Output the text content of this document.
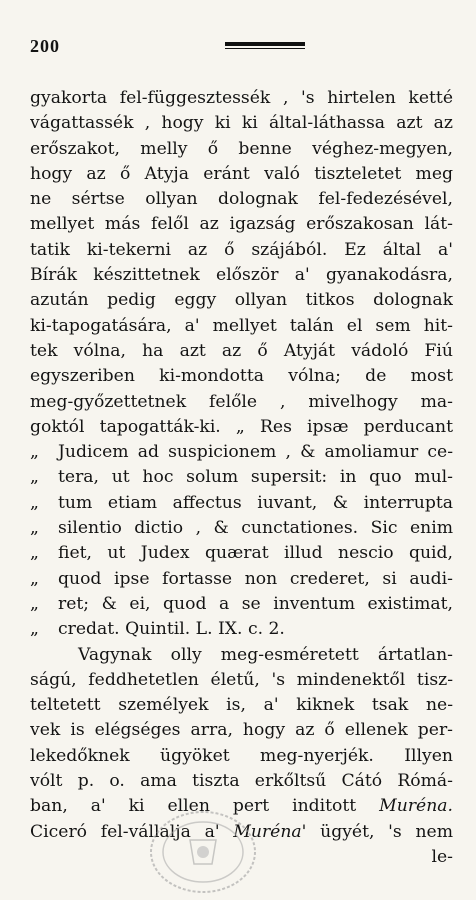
200
gyakorta fel-függesztessék , 's hirtelen ketté
vágattassék , hogy ki ki által-láthassa azt az
erőszakot, melly ő benne véghez-megyen,
hogy az ő Atyja eránt való tiszteletet meg
ne sértse ollyan dolognak fel-fedezésével,
mellyet más felől az igazság erőszakosan lát-
tatik ki-tekerni az ő szájából. Ez által a'
Bírák készittetnek először a' gyanakodásra,
azután pedig eggy ollyan titkos dolognak
ki-tapogatására, a' mellyet talán el sem hit-
tek vólna, ha azt az ő Atyját vádoló Fiú
egyszeriben ki-mondotta vólna; de most
meg-győzettetnek felőle , mivelhogy ma-
goktól tapogatták-ki. „ Res ipsæ perducant
„ Judicem ad suspicionem , & amoliamur ce-
„ tera, ut hoc solum supersit: in quo mul-
„ tum etiam affectus iuvant, & interrupta
„ silentio dictio , & cunctationes. Sic enim
„ fiet, ut Judex quærat illud nescio quid,
„ quod ipse fortasse non crederet, si audi-
„ ret; & ei, quod a se inventum existimat,
„ credat. Quintil. L. IX. c. 2.
Vagynak olly meg-esméretett ártatlan-
ságú, feddhetetlen életű, 's mindenektől tisz-
teltetett személyek is, a' kiknek tsak ne-
vek is elégséges arra, hogy az ő ellenek per-
lekedőknek ügyöket meg-nyerjék. Illyen
vólt p. o. ama tiszta erkőltsű Cátó Rómá-
ban, a' ki ellen pert inditott Muréna.
Ciceró fel-vállalja a' Muréna' ügyét, 's nem
le-
